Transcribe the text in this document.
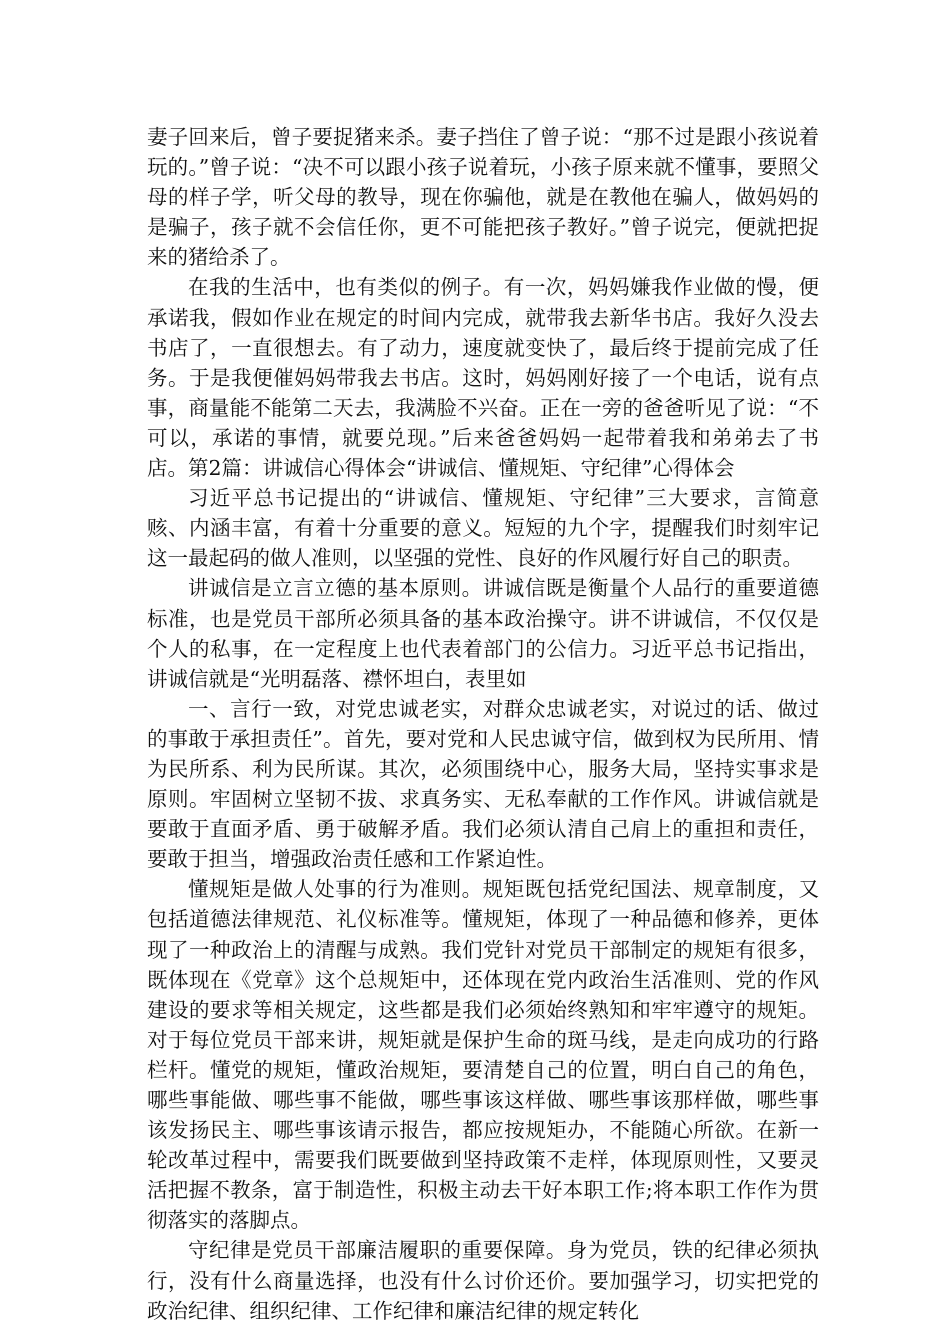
妻子回来后，曾子要捉猪来杀。妻子挡住了曾子说：“那不过是跟小孩说着玩的。”曾子说：“决不可以跟小孩子说着玩，小孩子原来就不懂事，要照父母的样子学，听父母的教导，现在你骗他，就是在教他在骗人，做妈妈的是骗子，孩子就不会信任你，更不可能把孩子教好。”曾子说完，便就把捉来的猪给杀了。

在我的生活中，也有类似的例子。有一次，妈妈嫌我作业做的慢，便承诺我，假如作业在规定的时间内完成，就带我去新华书店。我好久没去书店了，一直很想去。有了动力，速度就变快了，最后终于提前完成了任务。于是我便催妈妈带我去书店。这时，妈妈刚好接了一个电话，说有点事，商量能不能第二天去，我满脸不兴奋。正在一旁的爸爸听见了说：“不可以，承诺的事情，就要兑现。”后来爸爸妈妈一起带着我和弟弟去了书店。第2篇：讲诚信心得体会“讲诚信、懂规矩、守纪律”心得体会

习近平总书记提出的“讲诚信、懂规矩、守纪律”三大要求，言简意赅、内涵丰富，有着十分重要的意义。短短的九个字，提醒我们时刻牢记这一最起码的做人准则，以坚强的党性、良好的作风履行好自己的职责。

讲诚信是立言立德的基本原则。讲诚信既是衡量个人品行的重要道德标准，也是党员干部所必须具备的基本政治操守。讲不讲诚信，不仅仅是个人的私事，在一定程度上也代表着部门的公信力。习近平总书记指出，讲诚信就是“光明磊落、襟怀坦白，表里如

一、言行一致，对党忠诚老实，对群众忠诚老实，对说过的话、做过的事敢于承担责任”。首先，要对党和人民忠诚守信，做到权为民所用、情为民所系、利为民所谋。其次，必须围绕中心，服务大局，坚持实事求是原则。牢固树立坚韧不拔、求真务实、无私奉献的工作作风。讲诚信就是要敢于直面矛盾、勇于破解矛盾。我们必须认清自己肩上的重担和责任，要敢于担当，增强政治责任感和工作紧迫性。

懂规矩是做人处事的行为准则。规矩既包括党纪国法、规章制度，又包括道德法律规范、礼仪标准等。懂规矩，体现了一种品德和修养，更体现了一种政治上的清醒与成熟。我们党针对党员干部制定的规矩有很多，既体现在《党章》这个总规矩中，还体现在党内政治生活准则、党的作风建设的要求等相关规定，这些都是我们必须始终熟知和牢牢遵守的规矩。对于每位党员干部来讲，规矩就是保护生命的斑马线，是走向成功的行路栏杆。懂党的规矩，懂政治规矩，要清楚自己的位置，明白自己的角色，哪些事能做、哪些事不能做，哪些事该这样做、哪些事该那样做，哪些事该发扬民主、哪些事该请示报告，都应按规矩办，不能随心所欲。在新一轮改革过程中，需要我们既要做到坚持政策不走样，体现原则性，又要灵活把握不教条，富于制造性，积极主动去干好本职工作;将本职工作作为贯彻落实的落脚点。

守纪律是党员干部廉洁履职的重要保障。身为党员，铁的纪律必须执行，没有什么商量选择，也没有什么讨价还价。要加强学习，切实把党的政治纪律、组织纪律、工作纪律和廉洁纪律的规定转化
